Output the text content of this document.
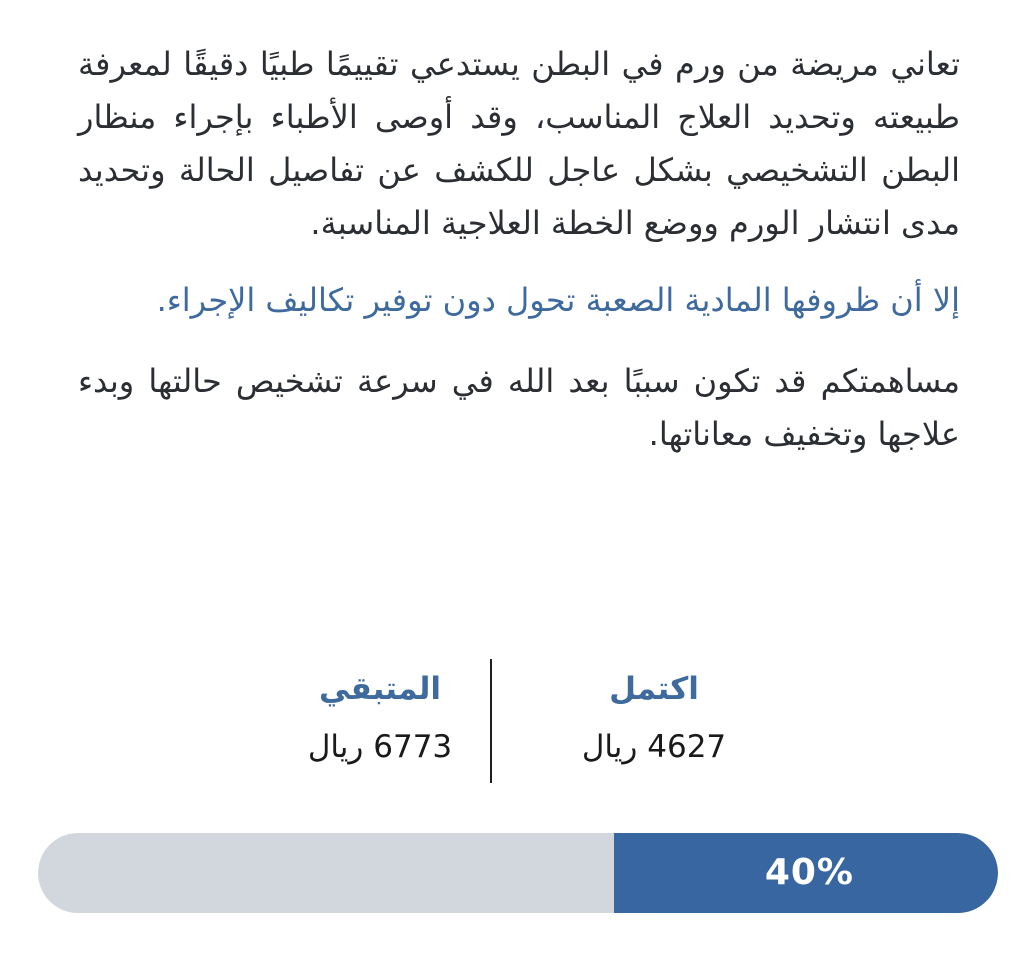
تعاني مريضة من ورم في البطن يستدعي تقييمًا طبيًا دقيقًا لمعرفة طبيعته وتحديد العلاج المناسب، وقد أوصى الأطباء بإجراء منظار البطن التشخيصي بشكل عاجل للكشف عن تفاصيل الحالة وتحديد مدى انتشار الورم ووضع الخطة العلاجية المناسبة.

إلا أن ظروفها المادية الصعبة تحول دون توفير تكاليف الإجراء.

مساهمتكم قد تكون سببًا بعد الله في سرعة تشخيص حالتها وبدء علاجها وتخفيف معاناتها.

اكتمل
4627 ريال
المتبقي
6773 ريال
40%
